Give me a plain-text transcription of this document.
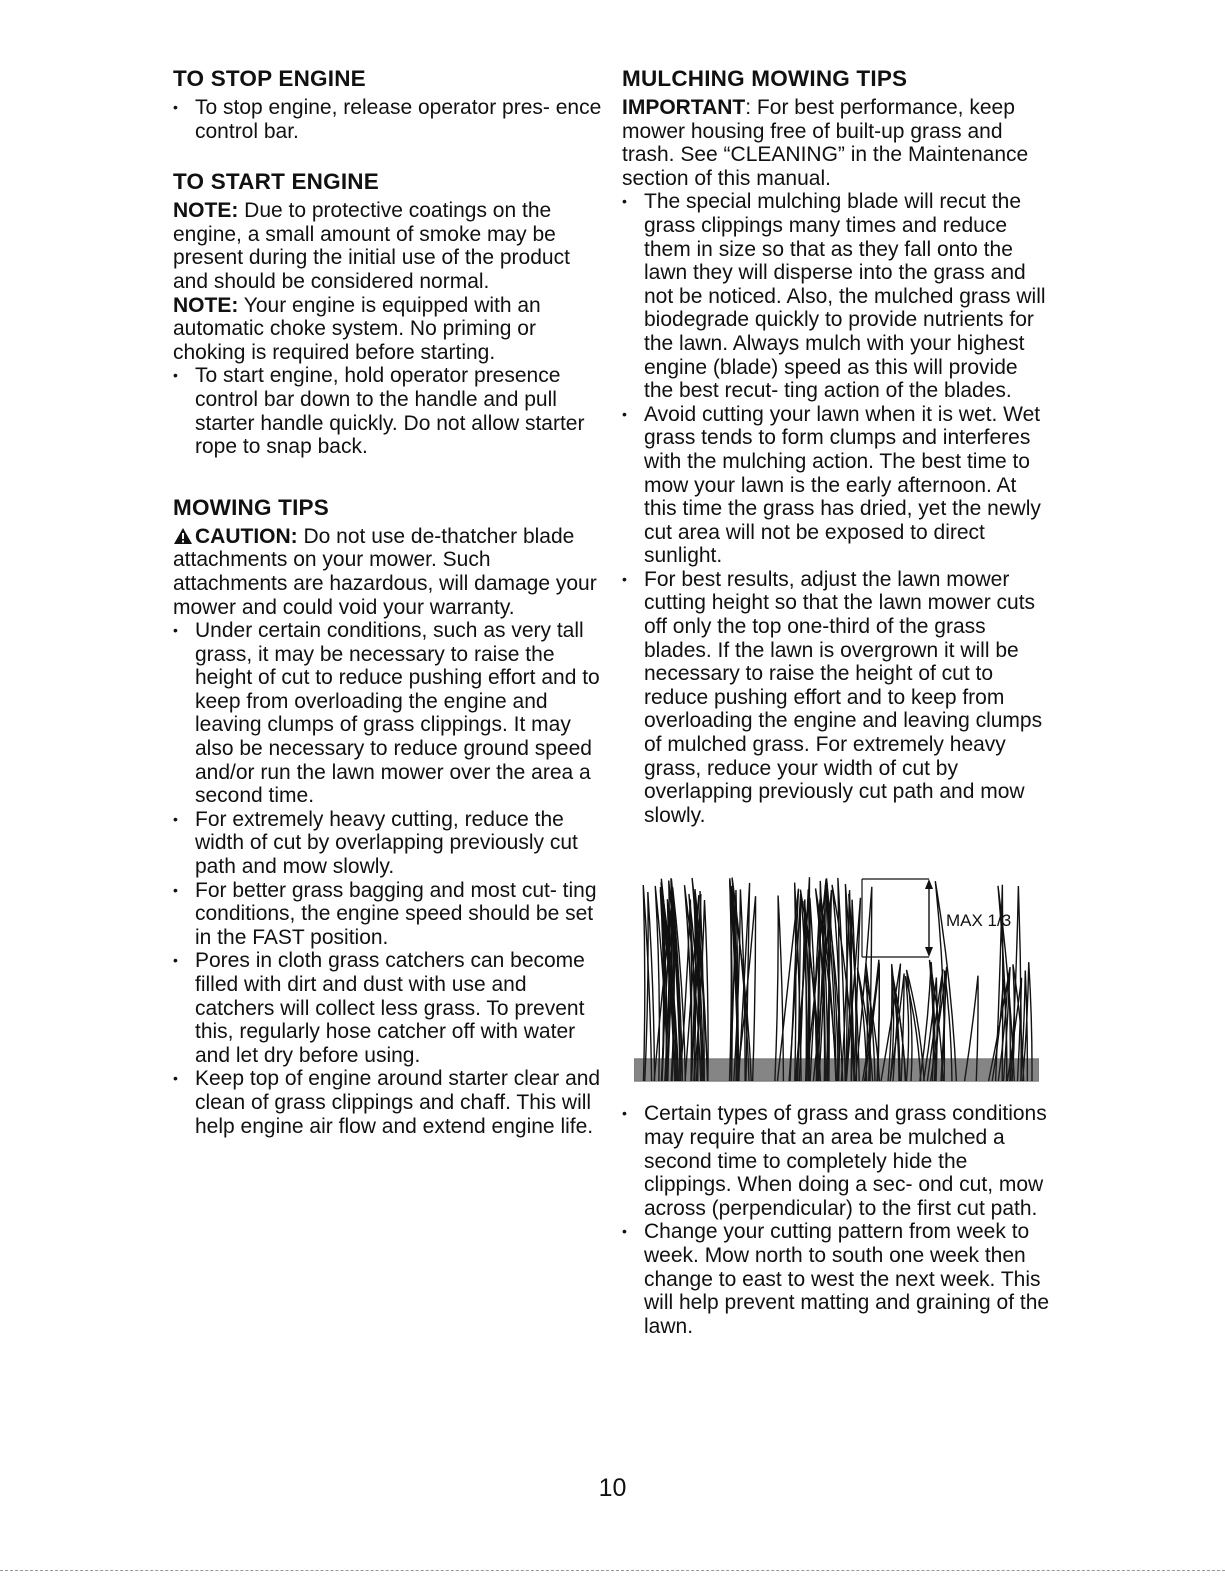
TO STOP ENGINE
• To stop engine, release operator pres- ence control bar.
TO START ENGINE

NOTE: Due to protective coatings on the engine, a small amount of smoke may be present during the initial use of the product and should be considered normal.

NOTE: Your engine is equipped with an automatic choke system. No priming or choking is required before starting.

• To start engine, hold operator presence control bar down to the handle and pull starter handle quickly. Do not allow starter rope to snap back.
MOWING TIPS

CAUTION: Do not use de-thatcher blade attachments on your mower. Such attachments are hazardous, will damage your mower and could void your warranty.

• Under certain conditions, such as very tall grass, it may be necessary to raise the height of cut to reduce pushing effort and to keep from overloading the engine and leaving clumps of grass clippings. It may also be necessary to reduce ground speed and/or run the lawn mower over the area a second time.
• For extremely heavy cutting, reduce the width of cut by overlapping previously cut path and mow slowly.
• For better grass bagging and most cut- ting conditions, the engine speed should be set in the FAST position.
• Pores in cloth grass catchers can become filled with dirt and dust with use and catchers will collect less grass. To prevent this, regularly hose catcher off with water and let dry before using.
• Keep top of engine around starter clear and clean of grass clippings and chaff. This will help engine air flow and extend engine life.
MULCHING MOWING TIPS

IMPORTANT: For best performance, keep mower housing free of built-up grass and trash. See “CLEANING” in the Maintenance section of this manual.

• The special mulching blade will recut the grass clippings many times and reduce them in size so that as they fall onto the lawn they will disperse into the grass and not be noticed. Also, the mulched grass will biodegrade quickly to provide nutrients for the lawn. Always mulch with your highest engine (blade) speed as this will provide the best recut- ting action of the blades.
• Avoid cutting your lawn when it is wet. Wet grass tends to form clumps and interferes with the mulching action. The best time to mow your lawn is the early afternoon. At this time the grass has dried, yet the newly cut area will not be exposed to direct sunlight.
• For best results, adjust the lawn mower cutting height so that the lawn mower cuts off only the top one-third of the grass blades. If the lawn is overgrown it will be necessary to raise the height of cut to reduce pushing effort and to keep from overloading the engine and leaving clumps of mulched grass. For extremely heavy grass, reduce your width of cut by overlapping previously cut path and mow slowly.
MAX 1/3
• Certain types of grass and grass conditions may require that an area be mulched a second time to completely hide the clippings. When doing a sec- ond cut, mow across (perpendicular) to the first cut path.
• Change your cutting pattern from week to week. Mow north to south one week then change to east to west the next week. This will help prevent matting and graining of the lawn.
10
